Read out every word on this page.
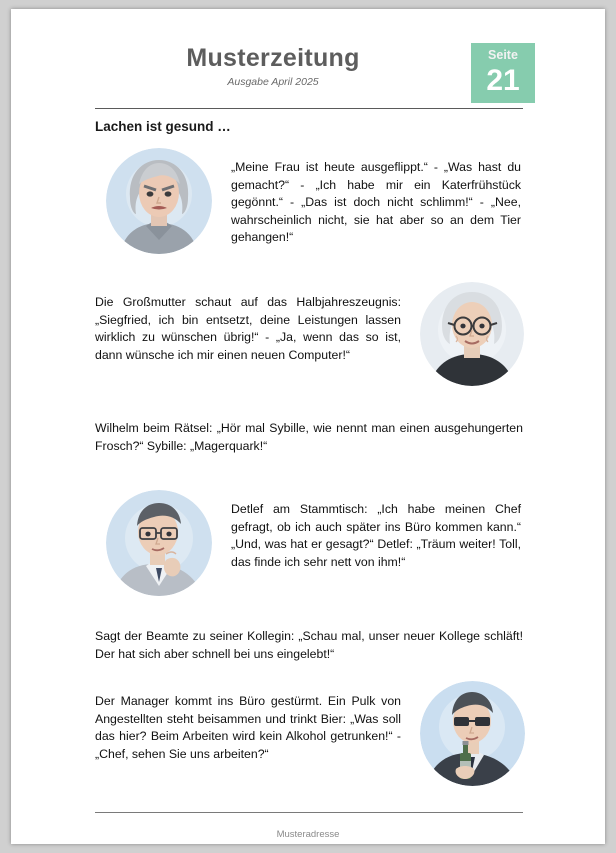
Musterzeitung
Ausgabe April 2025
Seite
21
Lachen ist gesund …
„Meine Frau ist heute ausgeflippt.“ - „Was hast du gemacht?“ - „Ich habe mir ein Katerfrühstück gegönnt.“ - „Das ist doch nicht schlimm!“ - „Nee, wahrscheinlich nicht, sie hat aber so an dem Tier gehangen!“
Die Großmutter schaut auf das Halbjahreszeugnis: „Siegfried, ich bin entsetzt, deine Leistungen lassen wirklich zu wünschen übrig!“ - „Ja, wenn das so ist, dann wünsche ich mir einen neuen Computer!“
Wilhelm beim Rätsel: „Hör mal Sybille, wie nennt man einen ausgehungerten Frosch?“ Sybille: „Magerquark!“
Detlef am Stammtisch: „Ich habe meinen Chef gefragt, ob ich auch später ins Büro kommen kann.“ „Und, was hat er gesagt?“ Detlef: „Träum weiter! Toll, das finde ich sehr nett von ihm!“
Sagt der Beamte zu seiner Kollegin: „Schau mal, unser neuer Kollege schläft! Der hat sich aber schnell bei uns eingelebt!“
Der Manager kommt ins Büro gestürmt. Ein Pulk von Angestellten steht beisammen und trinkt Bier: „Was soll das hier? Beim Arbeiten wird kein Alkohol getrunken!“ - „Chef, sehen Sie uns arbeiten?“
Musteradresse
